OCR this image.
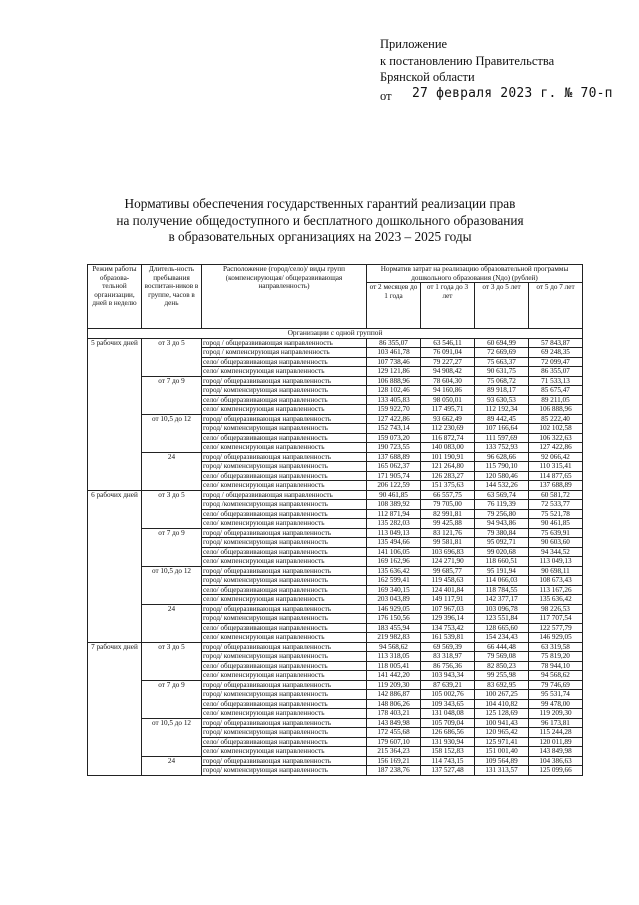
Приложение
к постановлению Правительства
Брянской области
от 27 февраля 2023 г. № 70-п
Нормативы обеспечения государственных гарантий реализации прав
на получение общедоступного и бесплатного дошкольного образования
в образовательных организациях на 2023 – 2025 годы
Режим работы образова-тельной организации, дней в неделю	Длитель-ность пребывания воспитан-ников в группе, часов в день	Расположение (город/село)/ виды групп (компенсирующая/ общеразвивающая направленность)	Норматив затрат на реализацию образовательной программы дошкольного образования (Nдо) (рублей)			
			от 2 месяцев до 1 года	от 1 года до 3 лет	от 3 до 5 лет	от 5 до 7 лет
Организации с одной группой						
5 рабочих дней	от 3 до 5	город / общеразвивающая направленность	86 355,07	63 546,11	60 694,99	57 843,87
		город / компенсирующая направленность	103 461,78	76 091,04	72 669,69	69 248,35
		село/ общеразвивающая направленность	107 738,46	79 227,27	75 663,37	72 099,47
		село/ компенсирующая направленность	129 121,86	94 908,42	90 631,75	86 355,07
	от 7 до 9	город/ общеразвивающая направленность	106 888,96	78 604,30	75 068,72	71 533,13
		город/ компенсирующая направленность	128 102,46	94 160,86	89 918,17	85 675,47
		село/ общеразвивающая направленность	133 405,83	98 050,01	93 630,53	89 211,05
		село/ компенсирующая направленность	159 922,70	117 495,71	112 192,34	106 888,96
	от 10,5 до 12	город/ общеразвивающая направленность	127 422,86	93 662,49	89 442,45	85 222,40
		город/ компенсирующая направленность	152 743,14	112 230,69	107 166,64	102 102,58
		село/ общеразвивающая направленность	159 073,20	116 872,74	111 597,69	106 322,63
		село/ компенсирующая направленность	190 723,55	140 083,00	133 752,93	127 422,86
	24	город/ общеразвивающая направленность	137 688,89	101 190,91	96 628,66	92 066,42
		город/ компенсирующая направленность	165 062,37	121 264,80	115 790,10	110 315,41
		село/ общеразвивающая направленность	171 905,74	126 283,27	120 580,46	114 877,65
		село/ компенсирующая направленность	206 122,59	151 375,63	144 532,26	137 688,89
6 рабочих дней	от 3 до 5	город / общеразвивающая направленность	90 461,85	66 557,75	63 569,74	60 581,72
		город /компенсирующая направленность	108 389,92	79 705,00	76 119,39	72 533,77
		село/ общеразвивающая направленность	112 871,94	82 991,81	79 256,80	75 521,78
		село/ компенсирующая направленность	135 282,03	99 425,88	94 943,86	90 461,85
	от 7 до 9	город/ общеразвивающая направленность	113 049,13	83 121,76	79 380,84	75 639,91
		город/ компенсирующая направленность	135 494,66	99 581,81	95 092,71	90 603,60
		село/ общеразвивающая направленность	141 106,05	103 696,83	99 020,68	94 344,52
		село/ компенсирующая направленность	169 162,96	124 271,90	118 660,51	113 049,13
	от 10,5 до 12	город/ общеразвивающая направленность	135 636,42	99 685,77	95 191,94	90 698,11
		город/ компенсирующая направленность	162 599,41	119 458,63	114 066,03	108 673,43
		село/ общеразвивающая направленность	169 340,15	124 401,84	118 784,55	113 167,26
		село/ компенсирующая направленность	203 043,89	149 117,91	142 377,17	135 636,42
	24	город/ общеразвивающая направленность	146 929,05	107 967,03	103 096,78	98 226,53
		город/ компенсирующая направленность	176 150,56	129 396,14	123 551,84	117 707,54
		село/ общеразвивающая направленность	183 455,94	134 753,42	128 665,60	122 577,79
		село/ компенсирующая направленность	219 982,83	161 539,81	154 234,43	146 929,05
7 рабочих дней	от 3 до 5	город/ общеразвивающая направленность	94 568,62	69 569,39	66 444,48	63 319,58
		город/ компенсирующая направленность	113 318,05	83 318,97	79 569,08	75 819,20
		село/ общеразвивающая направленность	118 005,41	86 756,36	82 850,23	78 944,10
		село/ компенсирующая направленность	141 442,20	103 943,34	99 255,98	94 568,62
	от 7 до 9	город/ общеразвивающая направленность	119 209,30	87 639,21	83 692,95	79 746,69
		город/ компенсирующая направленность	142 886,87	105 002,76	100 267,25	95 531,74
		село/ общеразвивающая направленность	148 806,26	109 343,65	104 410,82	99 478,00
		село/ компенсирующая направленность	178 403,21	131 048,08	125 128,69	119 209,30
	от 10,5 до 12	город/ общеразвивающая направленность	143 849,98	105 709,04	100 941,43	96 173,81
		город/ компенсирующая направленность	172 455,68	126 686,56	120 965,42	115 244,28
		село/ общеразвивающая направленность	179 607,10	131 930,94	125 971,41	120 011,89
		село/ компенсирующая направленность	215 364,23	158 152,83	151 001,40	143 849,98
	24	город/ общеразвивающая направленность	156 169,21	114 743,15	109 564,89	104 386,63
		город/ компенсирующая направленность	187 238,76	137 527,48	131 313,57	125 099,66
